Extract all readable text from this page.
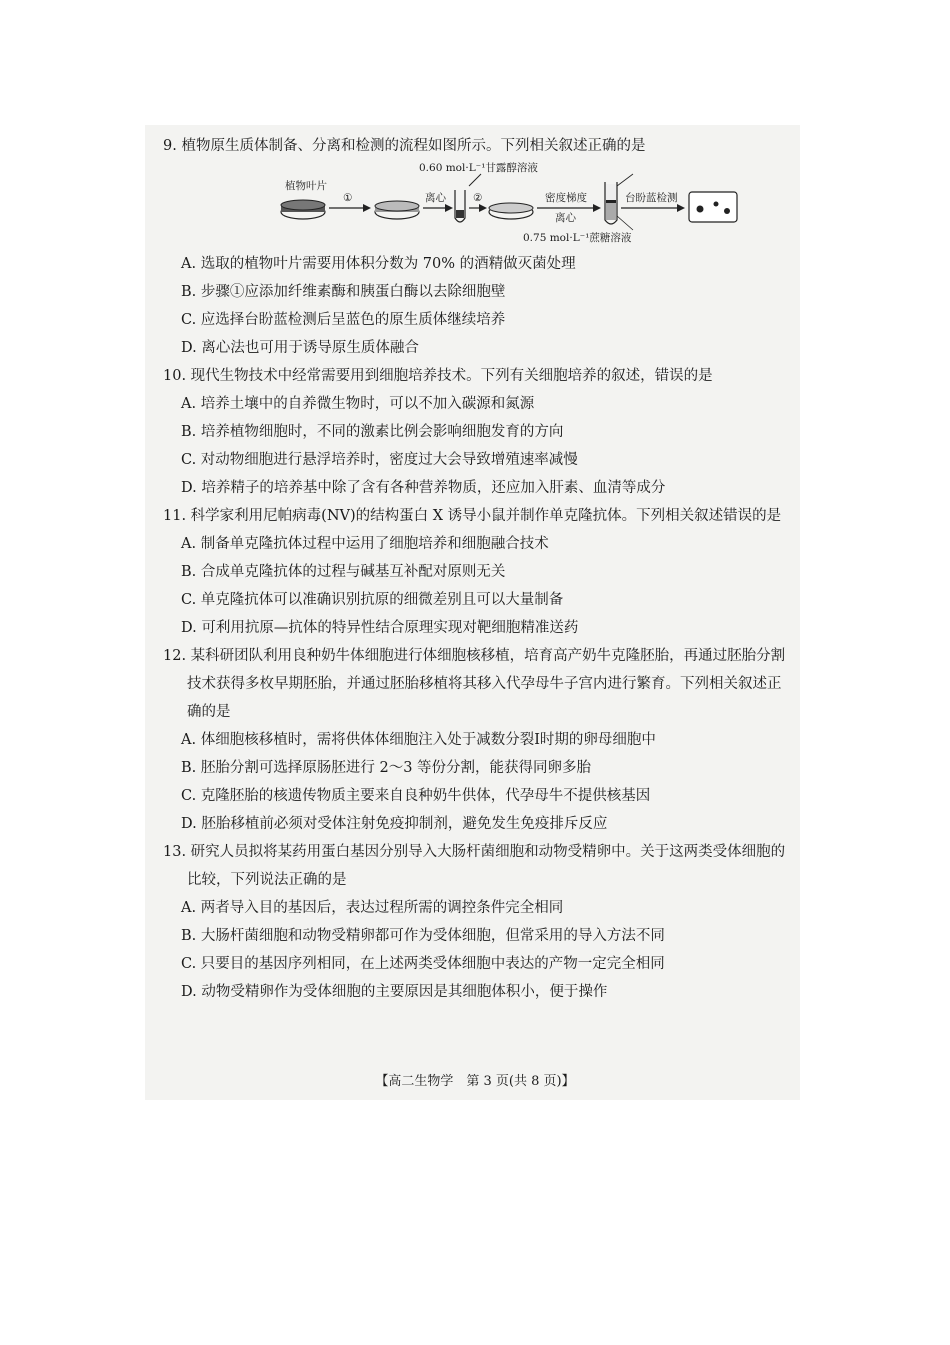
9. 植物原生质体制备、分离和检测的流程如图所示。下列相关叙述正确的是
植物叶片
①	离心	②
0.60 mol·L⁻¹甘露醇溶液
密度梯度
离心
0.75 mol·L⁻¹蔗糖溶液
台盼蓝检测
A. 选取的植物叶片需要用体积分数为 70% 的酒精做灭菌处理
B. 步骤①应添加纤维素酶和胰蛋白酶以去除细胞壁
C. 应选择台盼蓝检测后呈蓝色的原生质体继续培养
D. 离心法也可用于诱导原生质体融合
10. 现代生物技术中经常需要用到细胞培养技术。下列有关细胞培养的叙述，错误的是
A. 培养土壤中的自养微生物时，可以不加入碳源和氮源
B. 培养植物细胞时，不同的激素比例会影响细胞发育的方向
C. 对动物细胞进行悬浮培养时，密度过大会导致增殖速率减慢
D. 培养精子的培养基中除了含有各种营养物质，还应加入肝素、血清等成分
11. 科学家利用尼帕病毒(NV)的结构蛋白 X 诱导小鼠并制作单克隆抗体。下列相关叙述错误的是
A. 制备单克隆抗体过程中运用了细胞培养和细胞融合技术
B. 合成单克隆抗体的过程与碱基互补配对原则无关
C. 单克隆抗体可以准确识别抗原的细微差别且可以大量制备
D. 可利用抗原—抗体的特异性结合原理实现对靶细胞精准送药
12. 某科研团队利用良种奶牛体细胞进行体细胞核移植，培育高产奶牛克隆胚胎，再通过胚胎分割技术获得多枚早期胚胎，并通过胚胎移植将其移入代孕母牛子宫内进行繁育。下列相关叙述正确的是
A. 体细胞核移植时，需将供体体细胞注入处于减数分裂Ⅰ时期的卵母细胞中
B. 胚胎分割可选择原肠胚进行 2～3 等份分割，能获得同卵多胎
C. 克隆胚胎的核遗传物质主要来自良种奶牛供体，代孕母牛不提供核基因
D. 胚胎移植前必须对受体注射免疫抑制剂，避免发生免疫排斥反应
13. 研究人员拟将某药用蛋白基因分别导入大肠杆菌细胞和动物受精卵中。关于这两类受体细胞的比较，下列说法正确的是
A. 两者导入目的基因后，表达过程所需的调控条件完全相同
B. 大肠杆菌细胞和动物受精卵都可作为受体细胞，但常采用的导入方法不同
C. 只要目的基因序列相同，在上述两类受体细胞中表达的产物一定完全相同
D. 动物受精卵作为受体细胞的主要原因是其细胞体积小，便于操作
【高二生物学　第 3 页(共 8 页)】
